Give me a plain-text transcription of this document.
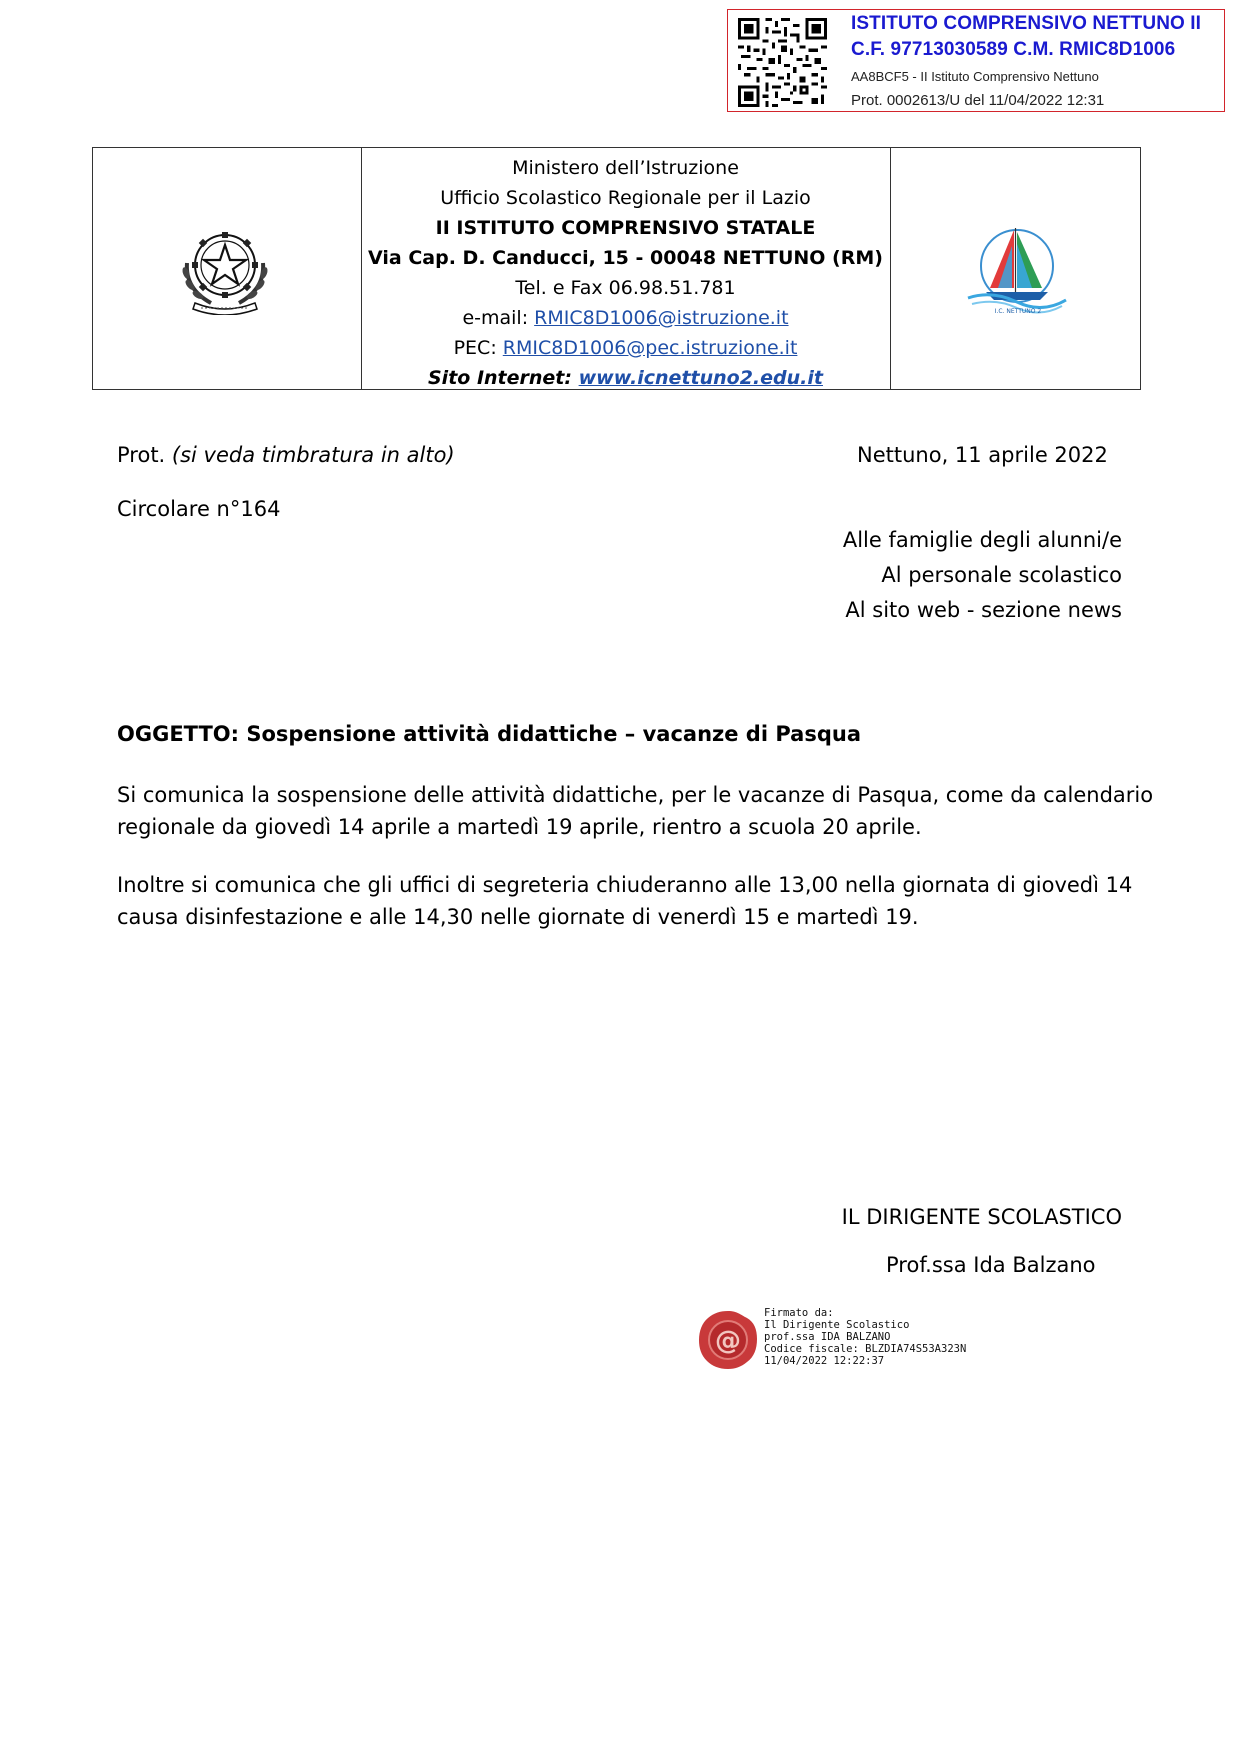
ISTITUTO COMPRENSIVO NETTUNO II
C.F. 97713030589 C.M. RMIC8D1006
AA8BCF5 - II Istituto Comprensivo Nettuno
Prot. 0002613/U del 11/04/2022 12:31
Ministero dell’Istruzione
Ufficio Scolastico Regionale per il Lazio
II ISTITUTO COMPRENSIVO STATALE
Via Cap. D. Canducci, 15 - 00048 NETTUNO (RM)
Tel. e Fax 06.98.51.781
e-mail: RMIC8D1006@istruzione.it
PEC: RMIC8D1006@pec.istruzione.it
Sito Internet: www.icnettuno2.edu.it
I.C. NETTUNO 2
Prot. (si veda timbratura in alto)	Nettuno, 11 aprile 2022
Circolare n°164
Alle famiglie degli alunni/e
Al personale scolastico
Al sito web - sezione news
OGGETTO: Sospensione attività didattiche – vacanze di Pasqua
Si comunica la sospensione delle attività didattiche, per le vacanze di Pasqua, come da calendario
regionale da giovedì 14 aprile a martedì 19 aprile, rientro a scuola 20 aprile.
Inoltre si comunica che gli uffici di segreteria chiuderanno alle 13,00 nella giornata di giovedì 14
causa disinfestazione e alle 14,30 nelle giornate di venerdì 15 e martedì 19.
IL DIRIGENTE SCOLASTICO
Prof.ssa Ida Balzano
@
Firmato da:
Il Dirigente Scolastico
prof.ssa IDA BALZANO
Codice fiscale: BLZDIA74S53A323N
11/04/2022 12:22:37
